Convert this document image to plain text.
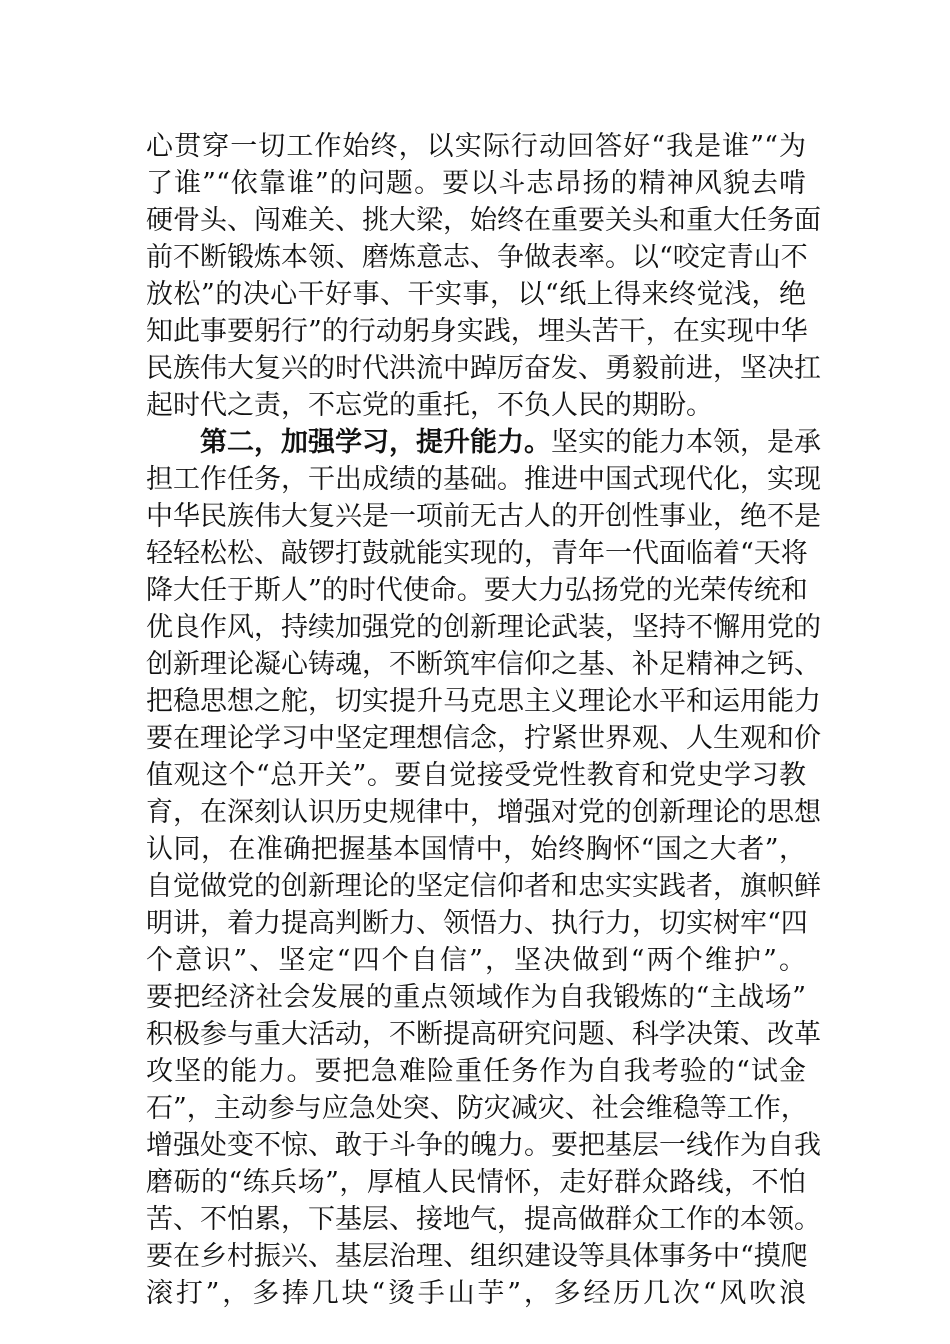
心贯穿一切工作始终，以实际行动回答好“我是谁”“为
了谁”“依靠谁”的问题。要以斗志昂扬的精神风貌去啃
硬骨头、闯难关、挑大梁，始终在重要关头和重大任务面
前不断锻炼本领、磨炼意志、争做表率。以“咬定青山不
放松”的决心干好事、干实事，以“纸上得来终觉浅，绝
知此事要躬行”的行动躬身实践，埋头苦干，在实现中华
民族伟大复兴的时代洪流中踔厉奋发、勇毅前进，坚决扛
起时代之责，不忘党的重托，不负人民的期盼。
第二，加强学习，提升能力。坚实的能力本领，是承
担工作任务，干出成绩的基础。推进中国式现代化，实现
中华民族伟大复兴是一项前无古人的开创性事业，绝不是
轻轻松松、敲锣打鼓就能实现的，青年一代面临着“天将
降大任于斯人”的时代使命。要大力弘扬党的光荣传统和
优良作风，持续加强党的创新理论武装，坚持不懈用党的
创新理论凝心铸魂，不断筑牢信仰之基、补足精神之钙、
把稳思想之舵，切实提升马克思主义理论水平和运用能力
要在理论学习中坚定理想信念，拧紧世界观、人生观和价
值观这个“总开关”。要自觉接受党性教育和党史学习教
育，在深刻认识历史规律中，增强对党的创新理论的思想
认同，在准确把握基本国情中，始终胸怀“国之大者”，
自觉做党的创新理论的坚定信仰者和忠实实践者，旗帜鲜
明讲，着力提高判断力、领悟力、执行力，切实树牢“四
个意识”、坚定“四个自信”，坚决做到“两个维护”。
要把经济社会发展的重点领域作为自我锻炼的“主战场”
积极参与重大活动，不断提高研究问题、科学决策、改革
攻坚的能力。要把急难险重任务作为自我考验的“试金
石”，主动参与应急处突、防灾减灾、社会维稳等工作，
增强处变不惊、敢于斗争的魄力。要把基层一线作为自我
磨砺的“练兵场”，厚植人民情怀，走好群众路线，不怕
苦、不怕累，下基层、接地气，提高做群众工作的本领。
要在乡村振兴、基层治理、组织建设等具体事务中“摸爬
滚打”，多捧几块“烫手山芋”，多经历几次“风吹浪
